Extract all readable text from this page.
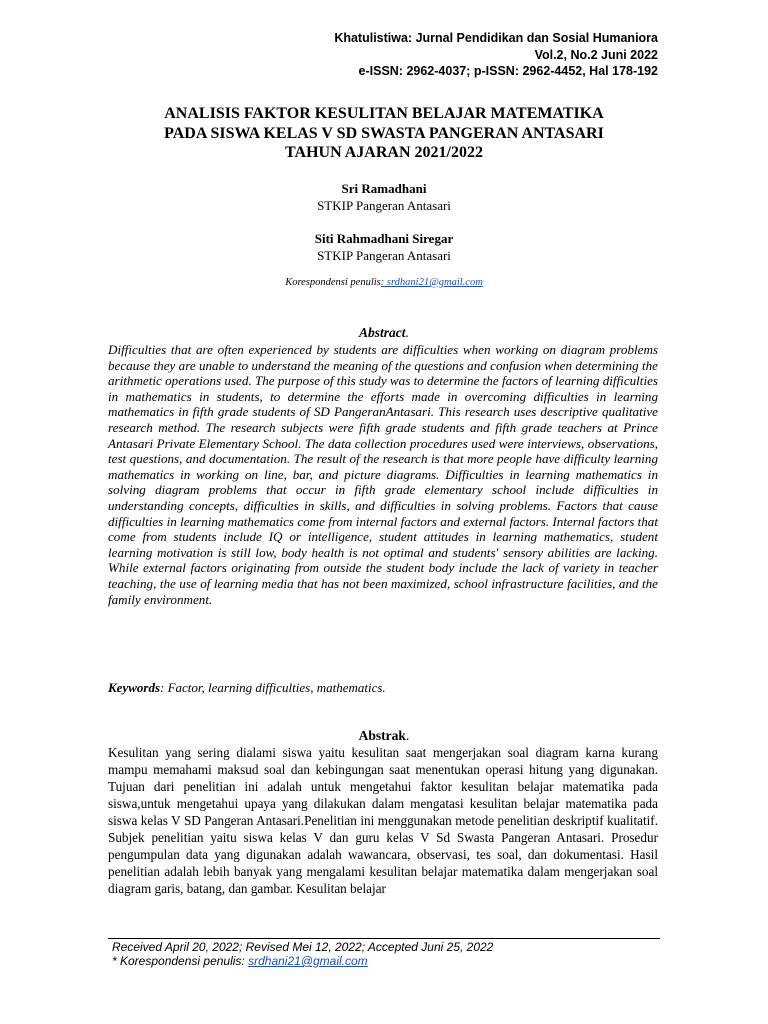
Khatulistiwa: Jurnal Pendidikan dan Sosial Humaniora
Vol.2, No.2 Juni 2022
e-ISSN: 2962-4037; p-ISSN: 2962-4452, Hal 178-192
ANALISIS FAKTOR KESULITAN BELAJAR MATEMATIKA
PADA SISWA KELAS V SD SWASTA PANGERAN ANTASARI
TAHUN AJARAN 2021/2022
Sri Ramadhani
STKIP Pangeran Antasari
Siti Rahmadhani Siregar
STKIP Pangeran Antasari
Korespondensi penulis: srdhani21@gmail.com
Abstract.

Difficulties that are often experienced by students are difficulties when working on diagram problems because they are unable to understand the meaning of the questions and confusion when determining the arithmetic operations used. The purpose of this study was to determine the factors of learning difficulties in mathematics in students, to determine the efforts made in overcoming difficulties in learning mathematics in fifth grade students of SD PangeranAntasari. This research uses descriptive qualitative research method. The research subjects were fifth grade students and fifth grade teachers at Prince Antasari Private Elementary School. The data collection procedures used were interviews, observations, test questions, and documentation. The result of the research is that more people have difficulty learning mathematics in working on line, bar, and picture diagrams. Difficulties in learning mathematics in solving diagram problems that occur in fifth grade elementary school include difficulties in understanding concepts, difficulties in skills, and difficulties in solving problems. Factors that cause difficulties in learning mathematics come from internal factors and external factors. Internal factors that come from students include IQ or intelligence, student attitudes in learning mathematics, student learning motivation is still low, body health is not optimal and students' sensory abilities are lacking. While external factors originating from outside the student body include the lack of variety in teacher teaching, the use of learning media that has not been maximized, school infrastructure facilities, and the family environment.

Keywords: Factor, learning difficulties, mathematics.
Abstrak.

Kesulitan yang sering dialami siswa yaitu kesulitan saat mengerjakan soal diagram karna kurang mampu memahami maksud soal dan kebingungan saat menentukan operasi hitung yang digunakan. Tujuan dari penelitian ini adalah untuk mengetahui faktor kesulitan belajar matematika pada siswa,untuk mengetahui upaya yang dilakukan dalam mengatasi kesulitan belajar matematika pada siswa kelas V SD Pangeran Antasari.Penelitian ini menggunakan metode penelitian deskriptif kualitatif. Subjek penelitian yaitu siswa kelas V dan guru kelas V Sd Swasta Pangeran Antasari. Prosedur pengumpulan data yang digunakan adalah wawancara, observasi, tes soal, dan dokumentasi. Hasil penelitian adalah lebih banyak yang mengalami kesulitan belajar matematika dalam mengerjakan soal diagram garis, batang, dan gambar. Kesulitan belajar

Received April 20, 2022; Revised Mei 12, 2022; Accepted Juni 25, 2022
* Korespondensi penulis: srdhani21@gmail.com
